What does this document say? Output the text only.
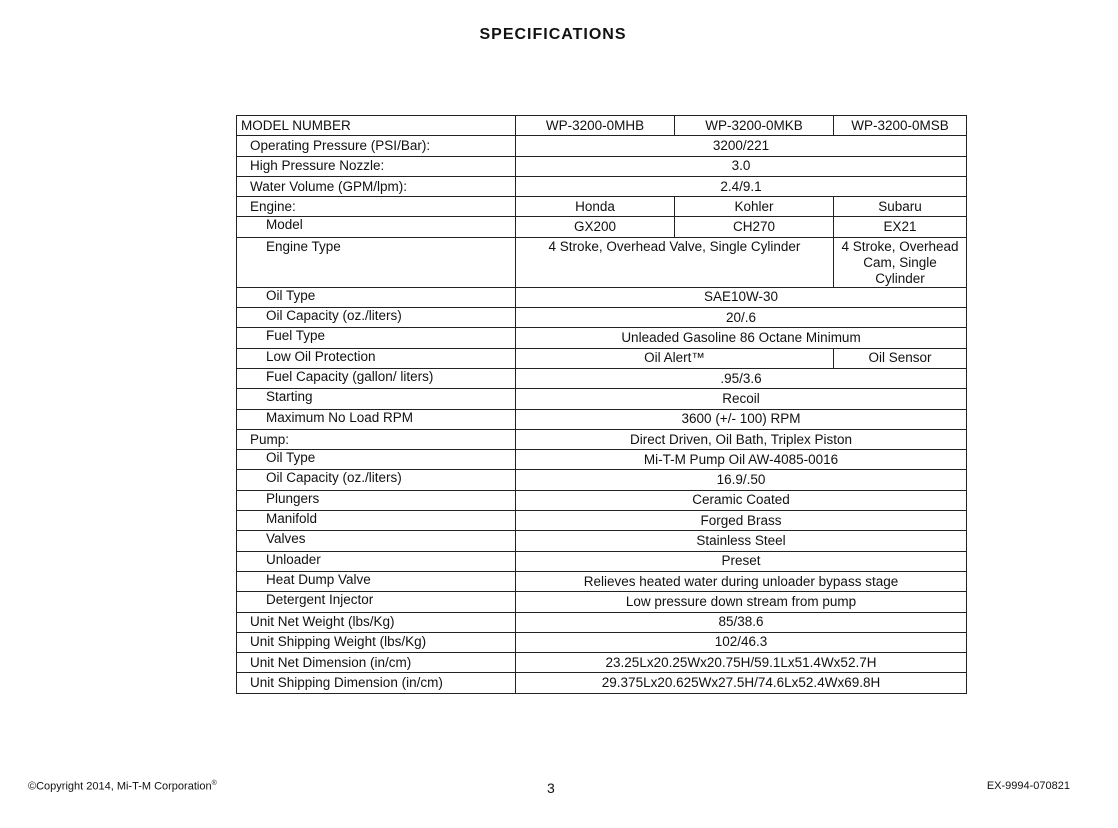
SPECIFICATIONS
MODEL NUMBER	WP-3200-0MHB	WP-3200-0MKB	WP-3200-0MSB
Operating Pressure (PSI/Bar):	3200/221		
High Pressure Nozzle:	3.0		
Water Volume (GPM/lpm):	2.4/9.1		
Engine:	Honda	Kohler	Subaru
Model	GX200	CH270	EX21
Engine Type	4 Stroke, Overhead Valve, Single Cylinder		4 Stroke, Overhead Cam, Single Cylinder
Oil Type	SAE10W-30		
Oil Capacity (oz./liters)	20/.6		
Fuel Type	Unleaded Gasoline 86 Octane Minimum		
Low Oil Protection	Oil Alert™		Oil Sensor
Fuel Capacity (gallon/ liters)	.95/3.6		
Starting	Recoil		
Maximum No Load RPM	3600 (+/- 100) RPM		
Pump:	Direct Driven, Oil Bath, Triplex Piston		
Oil Type	Mi-T-M Pump Oil AW-4085-0016		
Oil Capacity (oz./liters)	16.9/.50		
Plungers	Ceramic Coated		
Manifold	Forged Brass		
Valves	Stainless Steel		
Unloader	Preset		
Heat Dump Valve	Relieves heated water during unloader bypass stage		
Detergent Injector	Low pressure down stream from pump		
Unit Net Weight (lbs/Kg)	85/38.6		
Unit Shipping Weight (lbs/Kg)	102/46.3		
Unit Net Dimension (in/cm)	23.25Lx20.25Wx20.75H/59.1Lx51.4Wx52.7H		
Unit Shipping Dimension (in/cm)	29.375Lx20.625Wx27.5H/74.6Lx52.4Wx69.8H		
©Copyright 2014, Mi-T-M Corporation®	3	EX-9994-070821
